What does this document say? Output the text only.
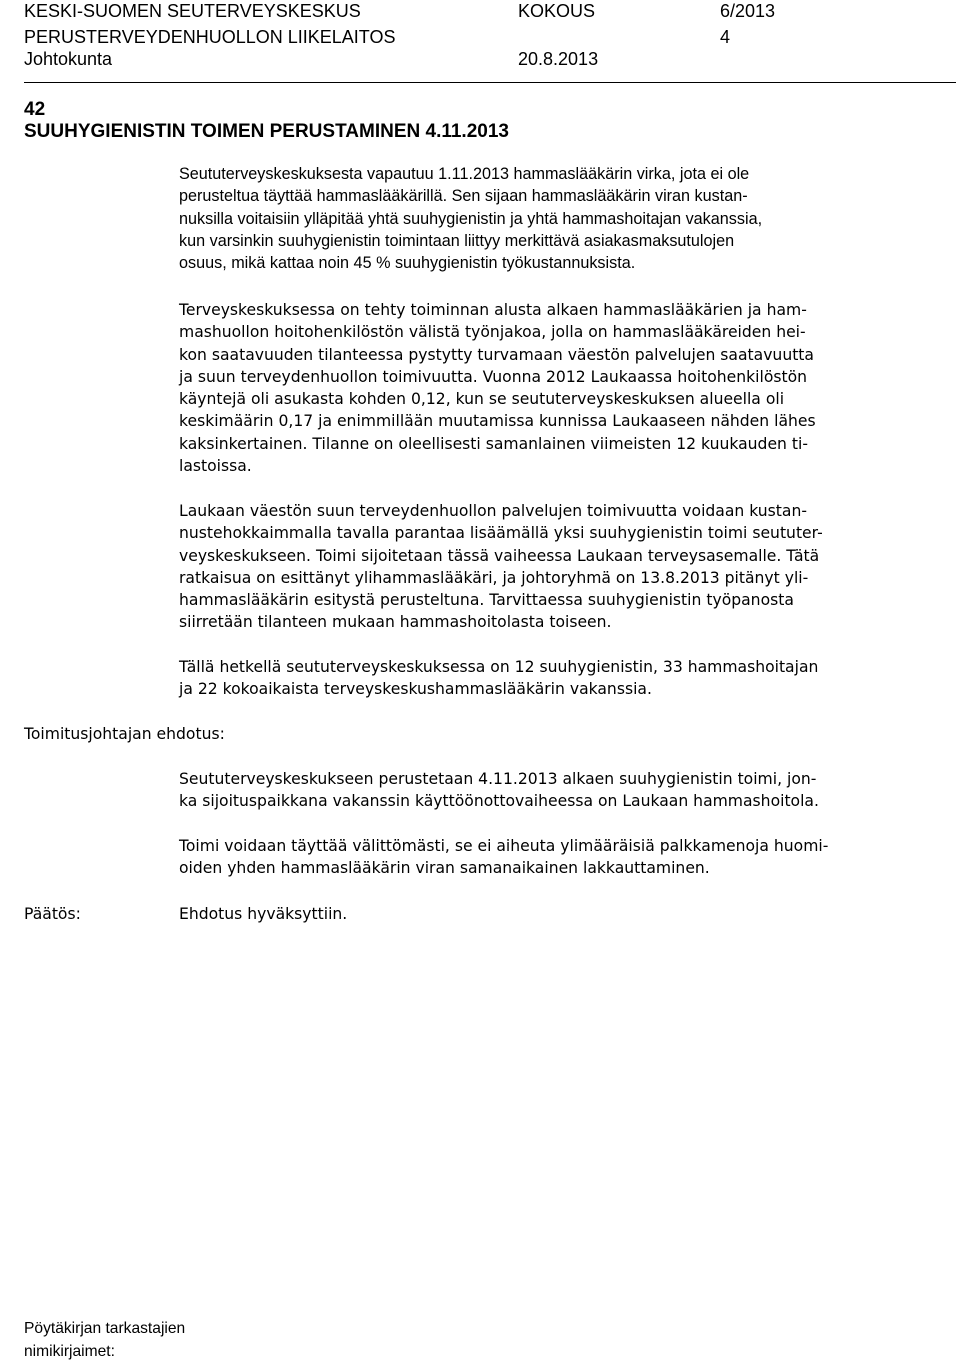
KESKI-SUOMEN SEUTERVEYSKESKUS
PERUSTERVEYDENHUOLLON LIIKELAITOS
Johtokunta
KOKOUS	6/2013
4
20.8.2013
42
SUUHYGIENISTIN TOIMEN PERUSTAMINEN 4.11.2013

Seututerveyskeskuksesta vapautuu 1.11.2013 hammaslääkärin virka, jota ei ole
perusteltua täyttää hammaslääkärillä. Sen sijaan hammaslääkärin viran kustan-
nuksilla voitaisiin ylläpitää yhtä suuhygienistin ja yhtä hammashoitajan vakanssia,
kun varsinkin suuhygienistin toimintaan liittyy merkittävä asiakasmaksutulojen
osuus, mikä kattaa noin 45 % suuhygienistin työkustannuksista.

Terveyskeskuksessa on tehty toiminnan alusta alkaen hammaslääkärien ja ham-
mashuollon hoitohenkilöstön välistä työnjakoa, jolla on hammaslääkäreiden hei-
kon saatavuuden tilanteessa pystytty turvamaan väestön palvelujen saatavuutta
ja suun terveydenhuollon toimivuutta. Vuonna 2012 Laukaassa hoitohenkilöstön
käyntejä oli asukasta kohden 0,12, kun se seututerveyskeskuksen alueella oli
keskimäärin 0,17 ja enimmillään muutamissa kunnissa Laukaaseen nähden lähes
kaksinkertainen. Tilanne on oleellisesti samanlainen viimeisten 12 kuukauden ti-
lastoissa.

Laukaan väestön suun terveydenhuollon palvelujen toimivuutta voidaan kustan-
nustehokkaimmalla tavalla parantaa lisäämällä yksi suuhygienistin toimi seututer-
veyskeskukseen. Toimi sijoitetaan tässä vaiheessa Laukaan terveysasemalle. Tätä
ratkaisua on esittänyt ylihammaslääkäri, ja johtoryhmä on 13.8.2013 pitänyt yli-
hammaslääkärin esitystä perusteltuna. Tarvittaessa suuhygienistin työpanosta
siirretään tilanteen mukaan hammashoitolasta toiseen.

Tällä hetkellä seututerveyskeskuksessa on 12 suuhygienistin, 33 hammashoitajan
ja 22 kokoaikaista terveyskeskushammaslääkärin vakanssia.

Toimitusjohtajan ehdotus:

Seututerveyskeskukseen perustetaan 4.11.2013 alkaen suuhygienistin toimi, jon-
ka sijoituspaikkana vakanssin käyttöönottovaiheessa on Laukaan hammashoitola.

Toimi voidaan täyttää välittömästi, se ei aiheuta ylimääräisiä palkkamenoja huomi-
oiden yhden hammaslääkärin viran samanaikainen lakkauttaminen.

Päätös:	Ehdotus hyväksyttiin.
Pöytäkirjan tarkastajien
nimikirjaimet:
